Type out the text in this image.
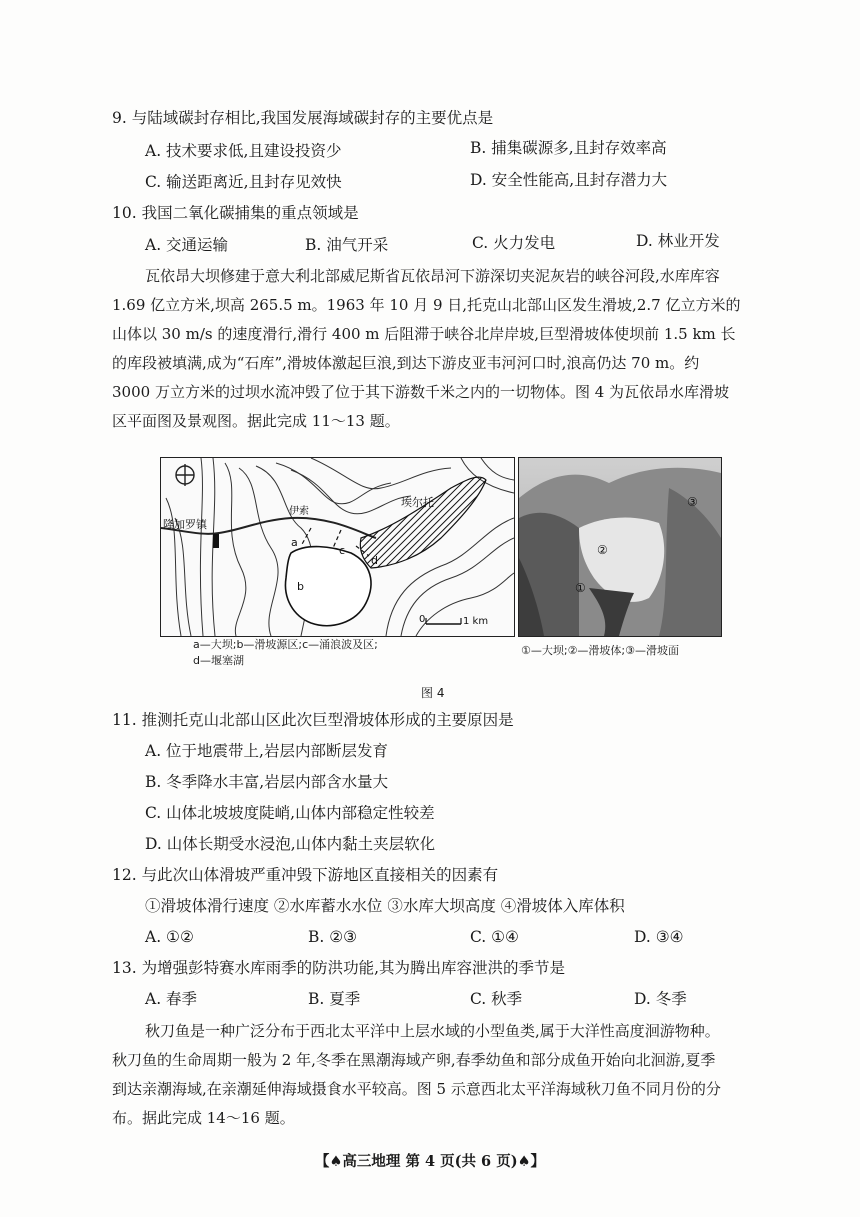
9. 与陆域碳封存相比,我国发展海域碳封存的主要优点是
A. 技术要求低,且建设投资少	B. 捕集碳源多,且封存效率高
C. 输送距离近,且封存见效快	D. 安全性能高,且封存潜力大
10. 我国二氧化碳捕集的重点领域是
A. 交通运输	B. 油气开采	C. 火力发电	D. 林业开发
瓦依昂大坝修建于意大利北部威尼斯省瓦依昂河下游深切夹泥灰岩的峡谷河段,水库库容
1.69 亿立方米,坝高 265.5 m。1963 年 10 月 9 日,托克山北部山区发生滑坡,2.7 亿立方米的
山体以 30 m/s 的速度滑行,滑行 400 m 后阻滞于峡谷北岸岸坡,巨型滑坡体使坝前 1.5 km 长
的库段被填满,成为“石库”,滑坡体激起巨浪,到达下游皮亚韦河河口时,浪高仍达 70 m。约
3000 万立方米的过坝水流冲毁了位于其下游数千米之内的一切物体。图 4 为瓦依昂水库滑坡
区平面图及景观图。据此完成 11～13 题。
隆加罗镇
埃尔托
伊索
a
b
c
d
0	1 km
a—大坝;b—滑坡源区;c—涌浪波及区;
d—堰塞湖
③
②
①
①—大坝;②—滑坡体;③—滑坡面
图 4
11. 推测托克山北部山区此次巨型滑坡体形成的主要原因是
A. 位于地震带上,岩层内部断层发育
B. 冬季降水丰富,岩层内部含水量大
C. 山体北坡坡度陡峭,山体内部稳定性较差
D. 山体长期受水浸泡,山体内黏土夹层软化
12. 与此次山体滑坡严重冲毁下游地区直接相关的因素有
①滑坡体滑行速度 ②水库蓄水水位 ③水库大坝高度 ④滑坡体入库体积
A. ①②	B. ②③	C. ①④	D. ③④
13. 为增强彭特赛水库雨季的防洪功能,其为腾出库容泄洪的季节是
A. 春季	B. 夏季	C. 秋季	D. 冬季
秋刀鱼是一种广泛分布于西北太平洋中上层水域的小型鱼类,属于大洋性高度洄游物种。
秋刀鱼的生命周期一般为 2 年,冬季在黑潮海域产卵,春季幼鱼和部分成鱼开始向北洄游,夏季
到达亲潮海域,在亲潮延伸海域摄食水平较高。图 5 示意西北太平洋海域秋刀鱼不同月份的分
布。据此完成 14～16 题。
【♠高三地理 第 4 页(共 6 页)♠】
